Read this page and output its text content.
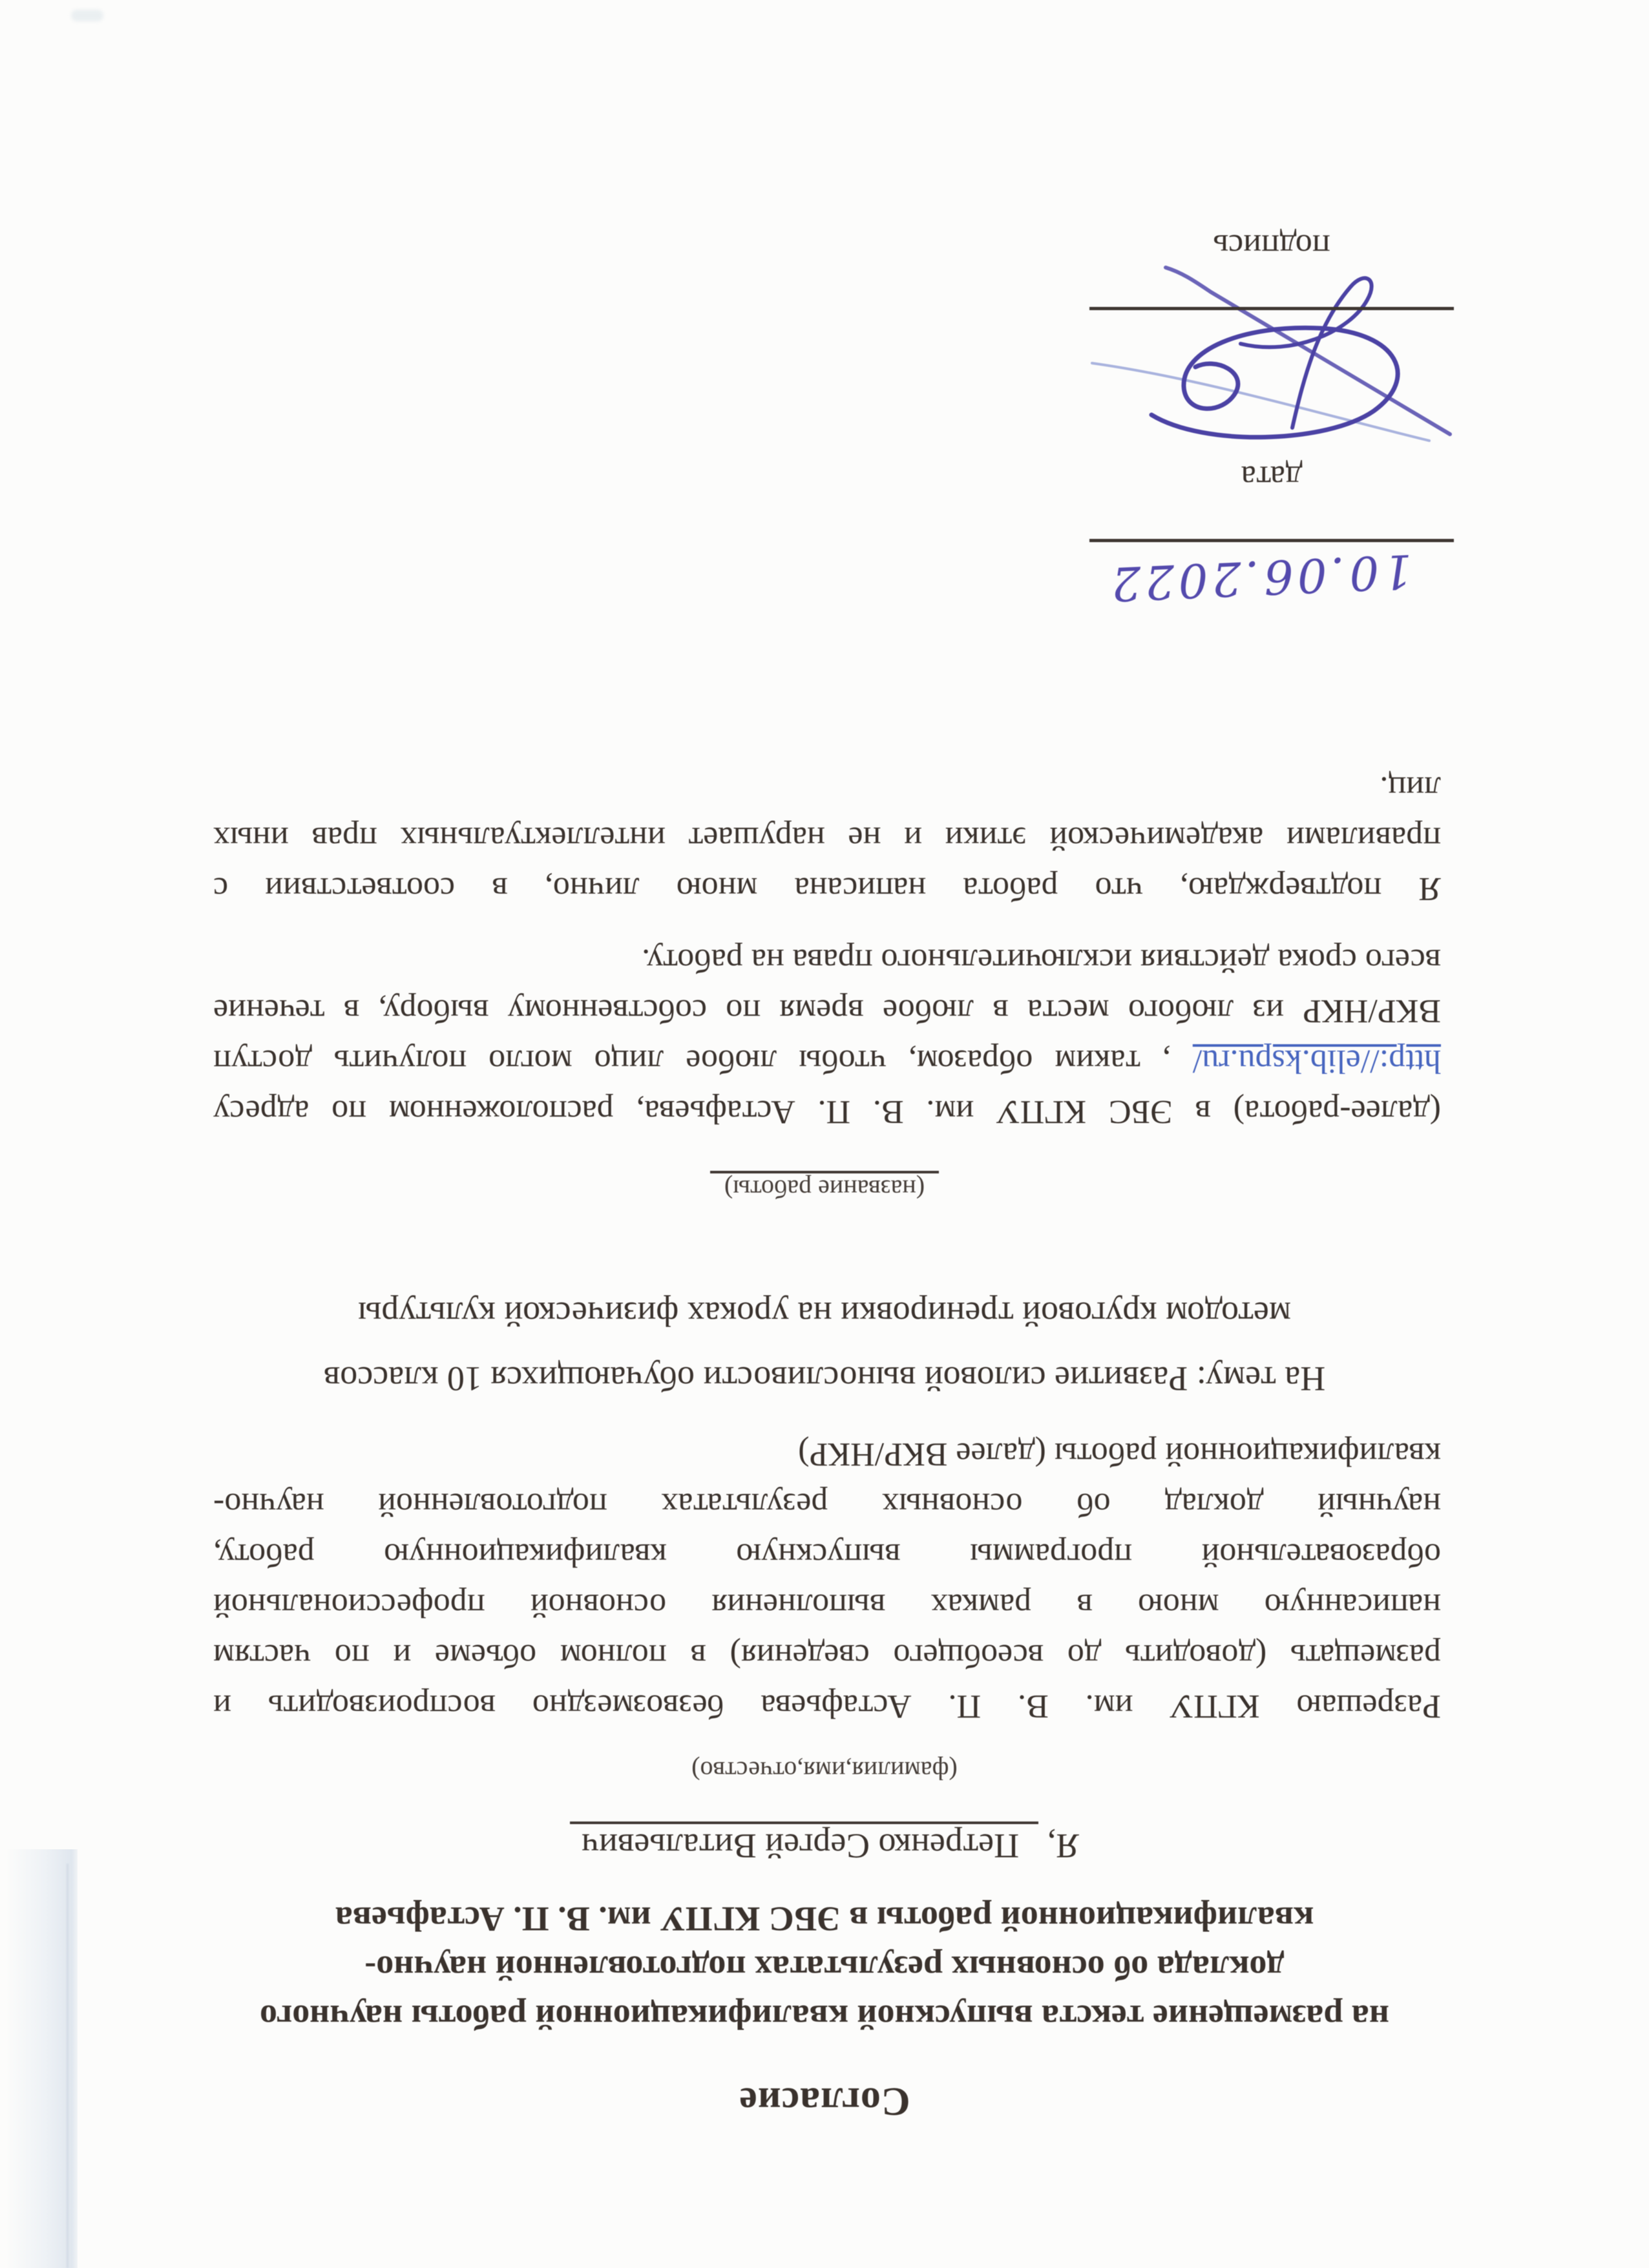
Согласие
на размещение текста выпускной квалификационной работы научного
доклада об основных результатах подготовленной научно-
квалификационной работы в ЭБС КГПУ им. В. П. Астафьева
Я, Петренко Сергей Витальевич
(фамилия,имя,отчество)
Разрешаю КГПУ им. В. П. Астафьева безвозмездно воспроизводить и
размещать (доводить до всеобщего сведения) в полном объеме и по частям
написанную мною в рамках выполнения основной профессиональной
образовательной программы выпускную квалификационную работу,
научный доклад об основных результатах подготовленной научно-
квалификационной работы (далее ВКР/НКР)
На тему: Развитие силовой выносливости обучающихся 10 классов
методом круговой тренировки на уроках физической культуры
(название работы)
(далее-работа) в ЭБС КГПУ им. В. П. Астафьева, расположенном по адресу
http://elib.kspu.ru/ , таким образом, чтобы любое лицо могло получить доступ
ВКР/НКР из любого места в любое время по собственному выбору, в течение
всего срока действия исключительного права на работу.
Я подтверждаю, что работа написана мною лично, в соответствии с
правилами академической этики и не нарушает интеллектуальных прав иных
лиц.
10.06.2022
дата
подпись
